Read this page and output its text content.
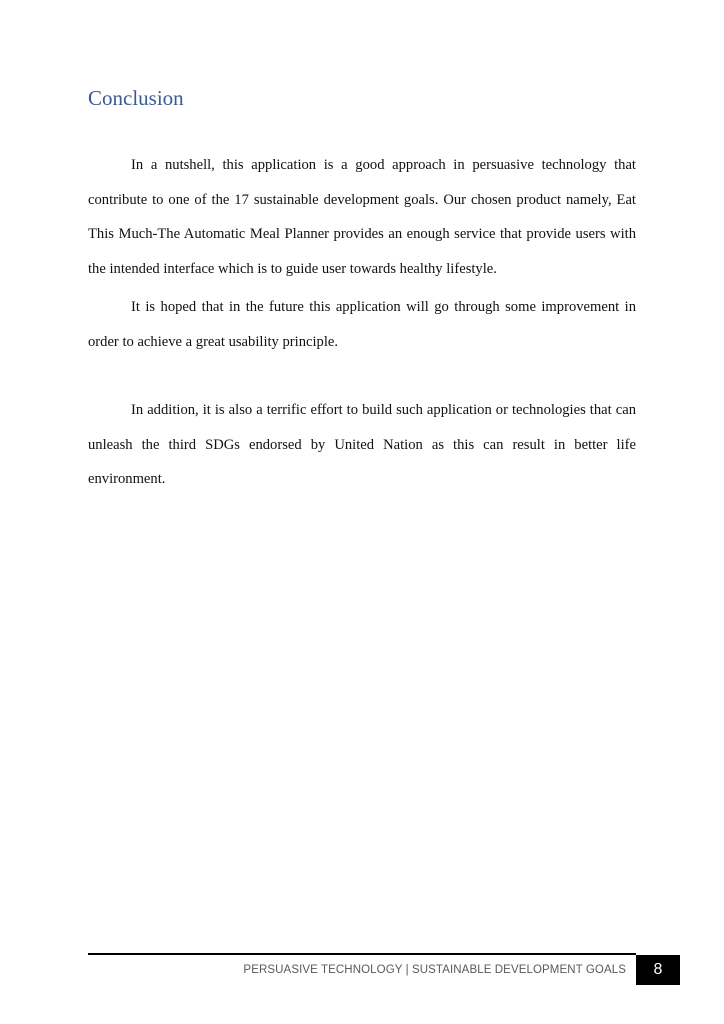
Conclusion

In a nutshell, this application is a good approach in persuasive technology that contribute to one of the 17 sustainable development goals. Our chosen product namely, Eat This Much-The Automatic Meal Planner provides an enough service that provide users with the intended interface which is to guide user towards healthy lifestyle.

It is hoped that in the future this application will go through some improvement in order to achieve a great usability principle.

In addition, it is also a terrific effort to build such application or technologies that can unleash the third SDGs endorsed by United Nation as this can result in better life environment.

PERSUASIVE TECHNOLOGY | SUSTAINABLE DEVELOPMENT GOALS 8
